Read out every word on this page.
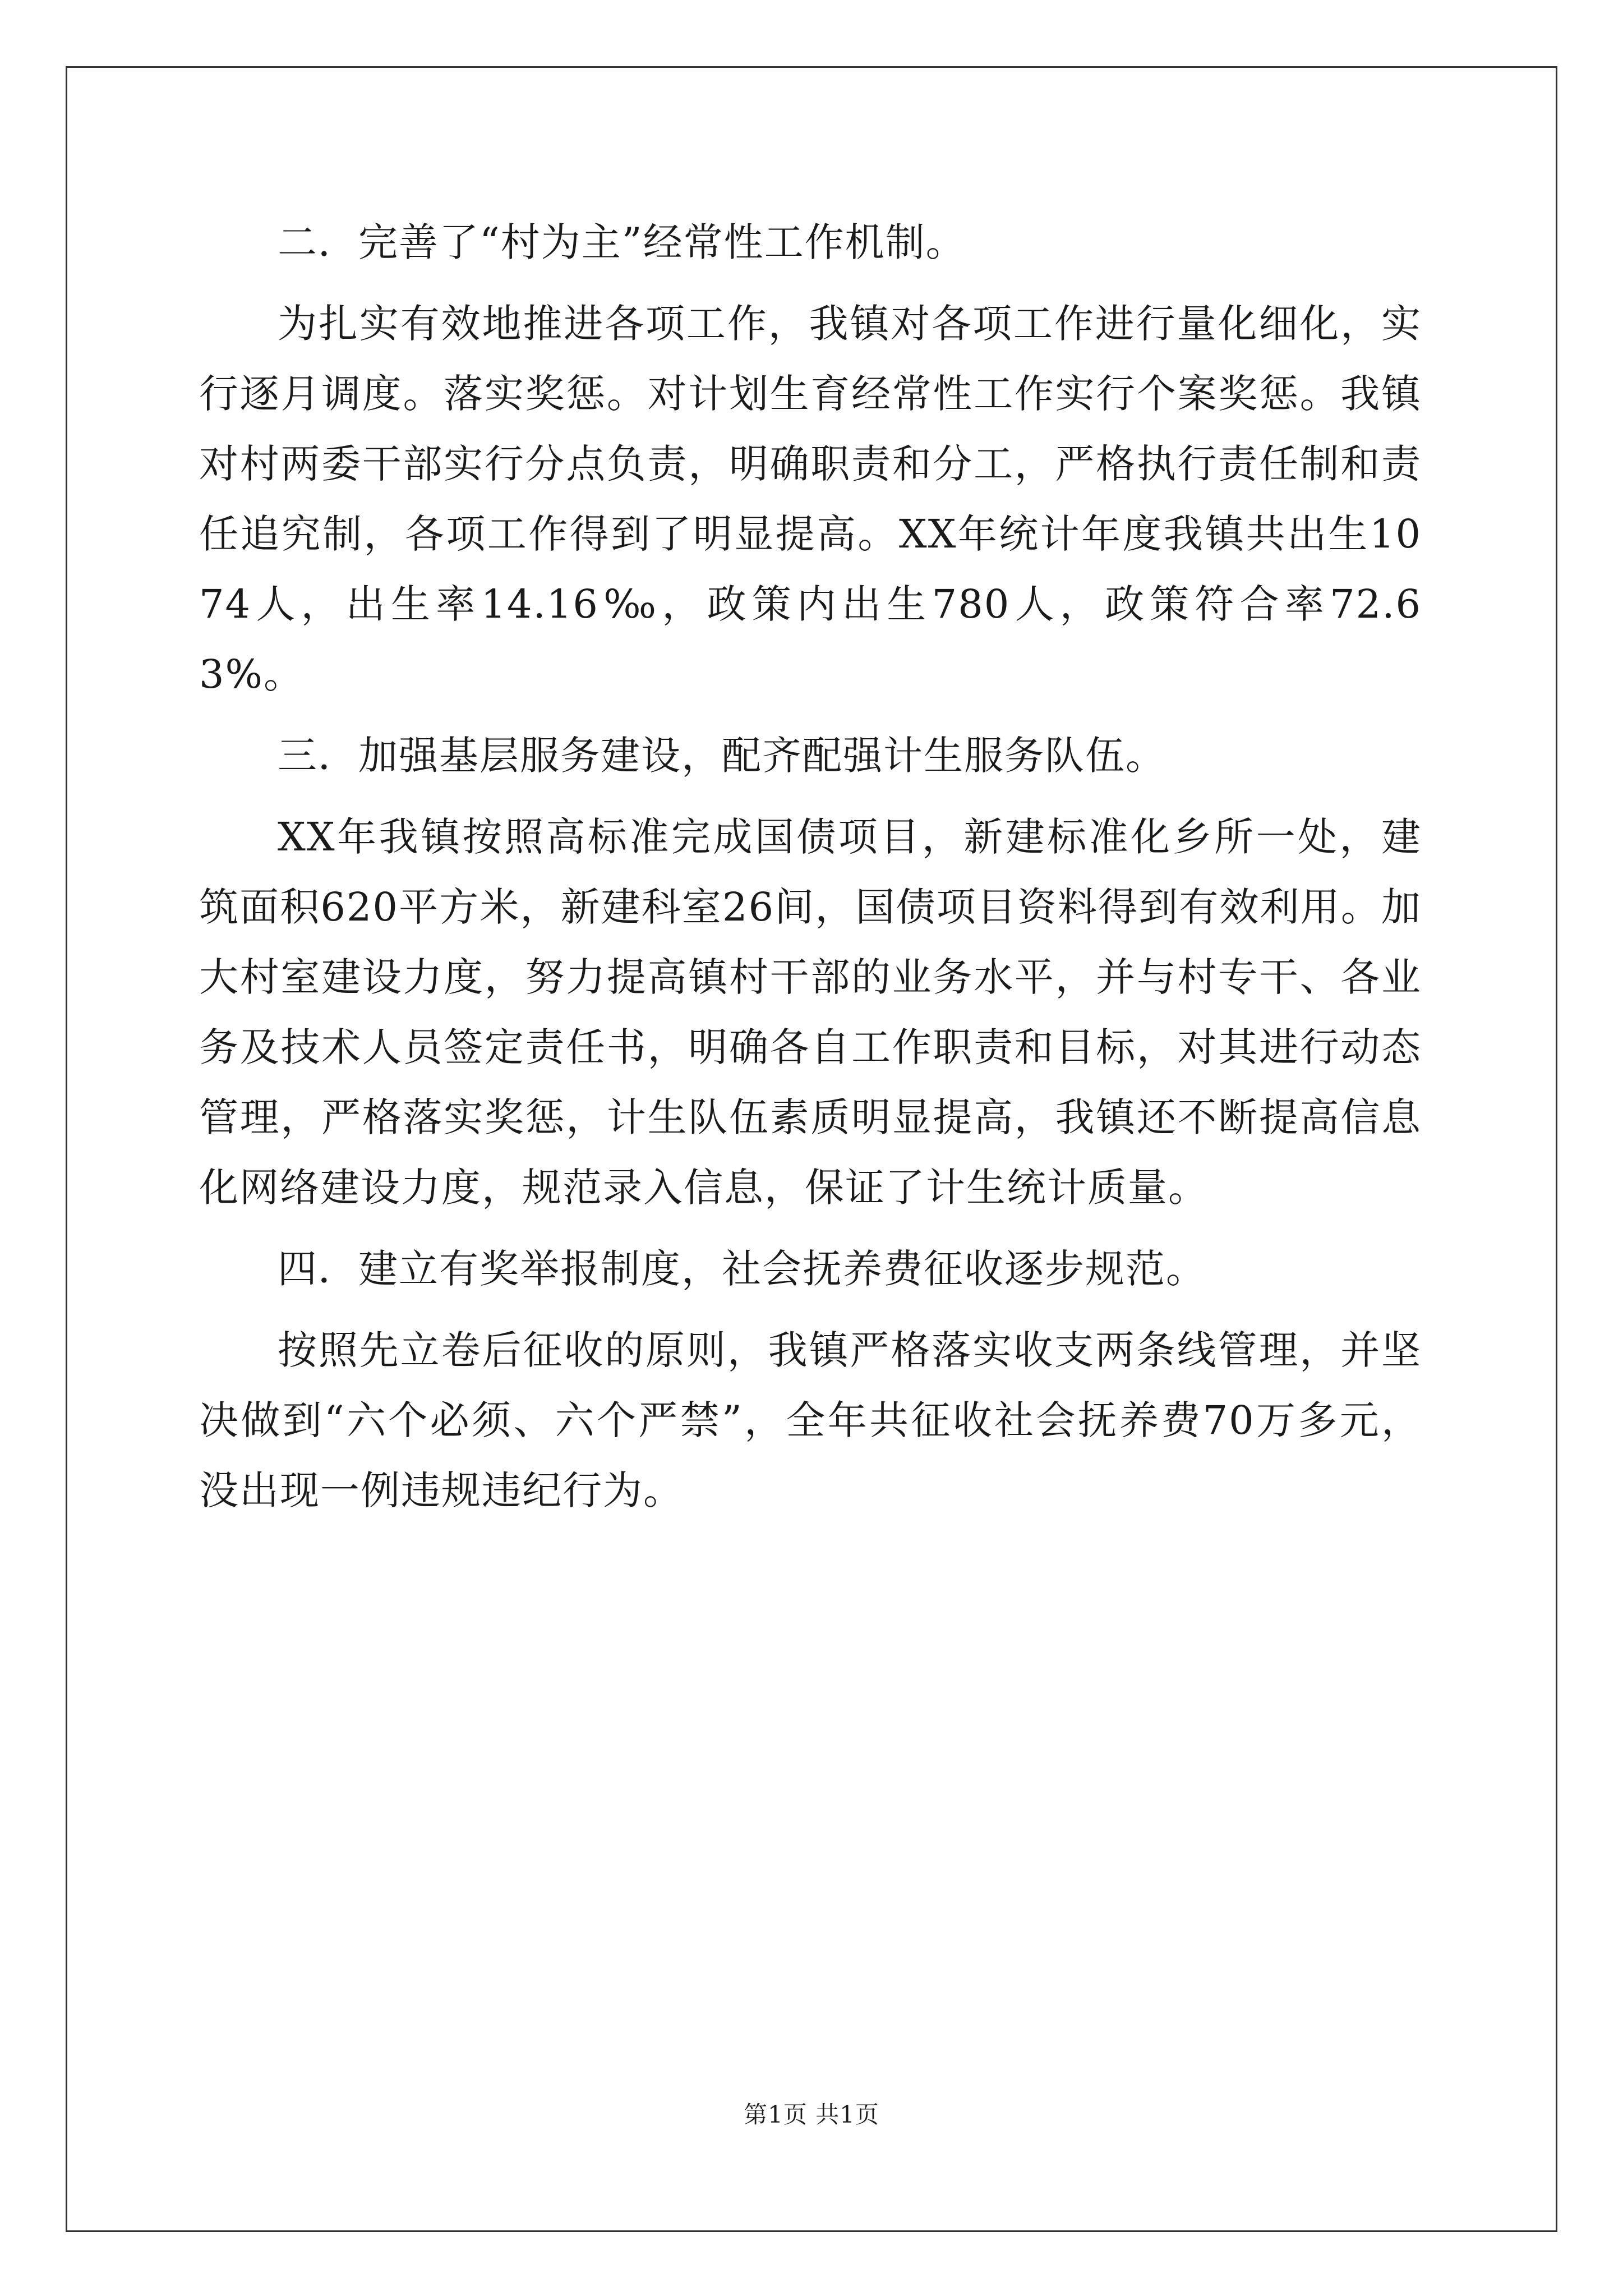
二．完善了“村为主”经常性工作机制。

为扎实有效地推进各项工作，我镇对各项工作进行量化细化，实行逐月调度。落实奖惩。对计划生育经常性工作实行个案奖惩。我镇对村两委干部实行分点负责，明确职责和分工，严格执行责任制和责任追究制，各项工作得到了明显提高。XX年统计年度我镇共出生1074人，出生率14.16‰，政策内出生780人，政策符合率72.63%。

三．加强基层服务建设，配齐配强计生服务队伍。

XX年我镇按照高标准完成国债项目，新建标准化乡所一处，建筑面积620平方米，新建科室26间，国债项目资料得到有效利用。加大村室建设力度，努力提高镇村干部的业务水平，并与村专干、各业务及技术人员签定责任书，明确各自工作职责和目标，对其进行动态管理，严格落实奖惩，计生队伍素质明显提高，我镇还不断提高信息化网络建设力度，规范录入信息，保证了计生统计质量。

四．建立有奖举报制度，社会抚养费征收逐步规范。

按照先立卷后征收的原则，我镇严格落实收支两条线管理，并坚决做到“六个必须、六个严禁”，全年共征收社会抚养费70万多元，没出现一例违规违纪行为。

第1页 共1页
